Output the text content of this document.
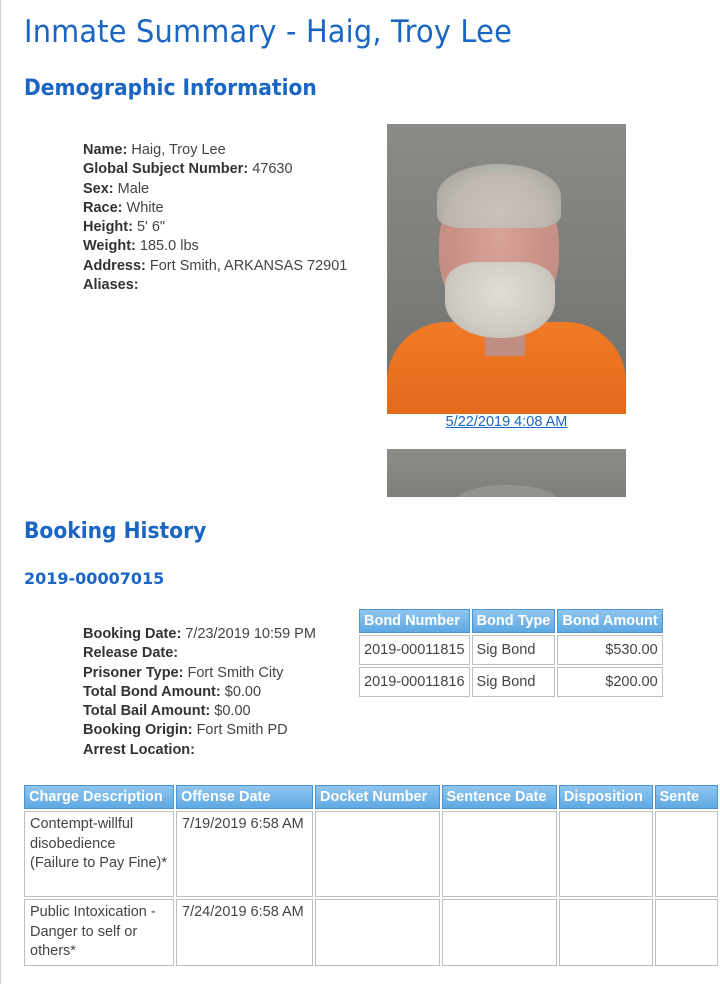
Inmate Summary - Haig, Troy Lee
Demographic Information
Name: Haig, Troy Lee
Global Subject Number: 47630
Sex: Male
Race: White
Height: 5' 6"
Weight: 185.0 lbs
Address: Fort Smith, ARKANSAS 72901
Aliases:
5/22/2019 4:08 AM
Booking History
2019-00007015
Booking Date: 7/23/2019 10:59 PM
Release Date:
Prisoner Type: Fort Smith City
Total Bond Amount: $0.00
Total Bail Amount: $0.00
Booking Origin: Fort Smith PD
Arrest Location:
Bond Number	Bond Type	Bond Amount
2019-00011815	Sig Bond	$530.00
2019-00011816	Sig Bond	$200.00
Charge Description	Offense Date	Docket Number	Sentence Date	Disposition	Sente
Contempt-willful disobedience (Failure to Pay Fine)*	7/19/2019 6:58 AM				
Public Intoxication - Danger to self or others*	7/24/2019 6:58 AM				
